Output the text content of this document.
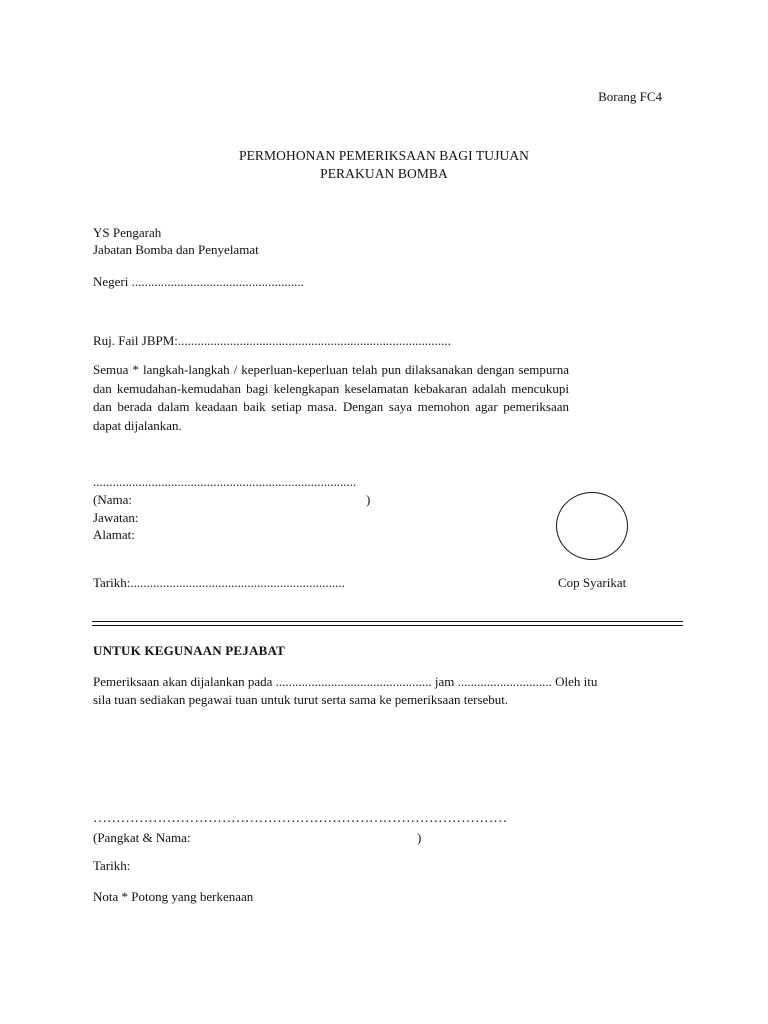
Borang FC4
PERMOHONAN PEMERIKSAAN BAGI TUJUAN
PERAKUAN BOMBA
YS Pengarah
Jabatan Bomba dan Penyelamat
Negeri .....................................................
Ruj. Fail JBPM:....................................................................................
Semua * langkah-langkah / keperluan-keperluan telah pun dilaksanakan dengan sempurna dan kemudahan-kemudahan bagi kelengkapan keselamatan kebakaran adalah mencukupi dan berada dalam keadaan baik setiap masa. Dengan saya memohon agar pemeriksaan dapat dijalankan.
.................................................................................
(Nama:	)
Jawatan:
Alamat:
Tarikh:..................................................................	Cop Syarikat
UNTUK KEGUNAAN PEJABAT
Pemeriksaan akan dijalankan pada ................................................ jam ............................. Oleh itu
sila tuan sediakan pegawai tuan untuk turut serta sama ke pemeriksaan tersebut.
………………………………………………………………………………
(Pangkat & Nama:	)
Tarikh:
Nota * Potong yang berkenaan
